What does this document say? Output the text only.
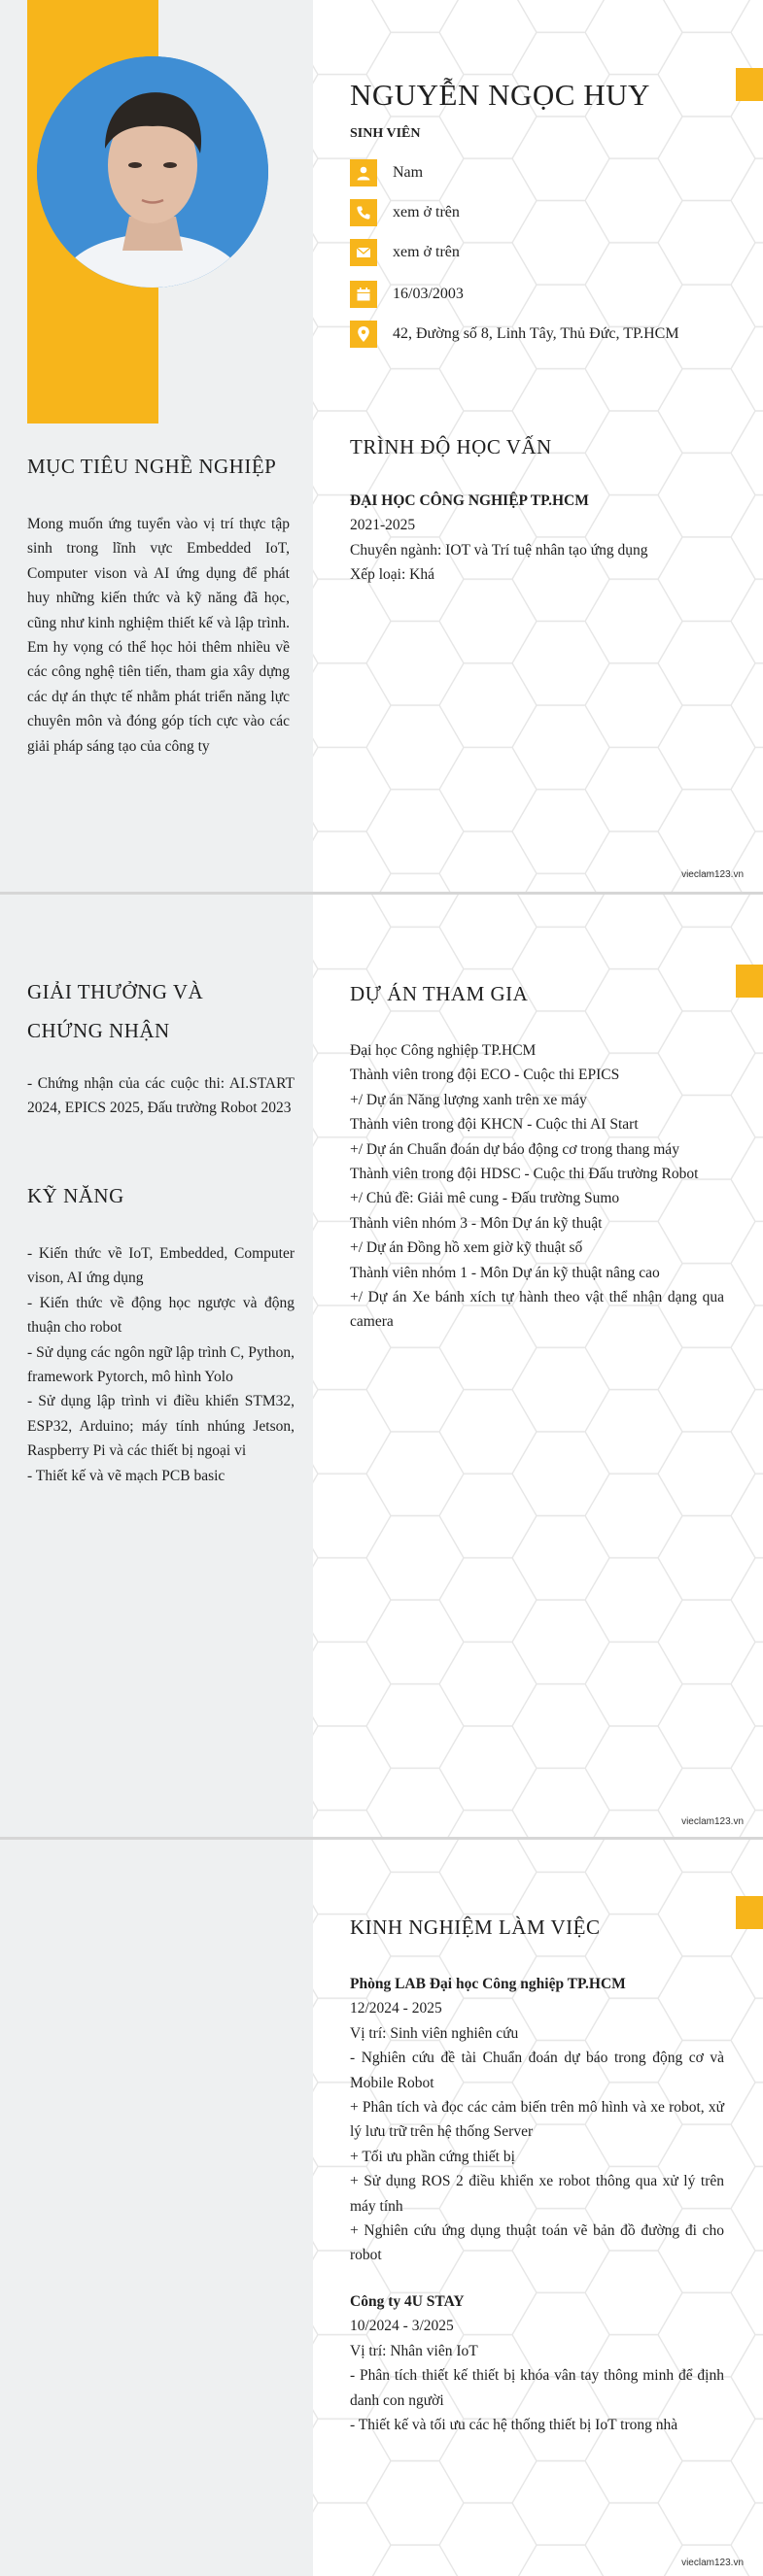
MỤC TIÊU NGHỀ NGHIỆP
Mong muốn ứng tuyển vào vị trí thực tập sinh trong lĩnh vực Embedded IoT, Computer vison và AI ứng dụng để phát huy những kiến thức và kỹ năng đã học, cũng như kinh nghiệm thiết kế và lập trình. Em hy vọng có thể học hỏi thêm nhiều về các công nghệ tiên tiến, tham gia xây dựng các dự án thực tế nhằm phát triển năng lực chuyên môn và đóng góp tích cực vào các giải pháp sáng tạo của công ty
vieclam123.vn
NGUYỄN NGỌC HUY
SINH VIÊN
Nam
xem ở trên
xem ở trên
16/03/2003
42, Đường số 8, Linh Tây, Thủ Đức, TP.HCM
TRÌNH ĐỘ HỌC VẤN
ĐẠI HỌC CÔNG NGHIỆP TP.HCM
2021-2025
Chuyên ngành: IOT và Trí tuệ nhân tạo ứng dụng
Xếp loại: Khá
GIẢI THƯỞNG VÀ
CHỨNG NHẬN
- Chứng nhận của các cuộc thi: AI.START 2024, EPICS 2025, Đấu trường Robot 2023
KỸ NĂNG
- Kiến thức về IoT, Embedded, Computer vison, AI ứng dụng
- Kiến thức về động học ngược và động thuận cho robot
- Sử dụng các ngôn ngữ lập trình C, Python, framework Pytorch, mô hình Yolo
- Sử dụng lập trình vi điều khiển STM32, ESP32, Arduino; máy tính nhúng Jetson, Raspberry Pi và các thiết bị ngoại vi
- Thiết kế và vẽ mạch PCB basic
vieclam123.vn
DỰ ÁN THAM GIA
Đại học Công nghiệp TP.HCM
Thành viên trong đội ECO - Cuộc thi EPICS
+/ Dự án Năng lượng xanh trên xe máy
Thành viên trong đội KHCN - Cuộc thi AI Start
+/ Dự án Chuẩn đoán dự báo động cơ trong thang máy
Thành viên trong đội HDSC - Cuộc thi Đấu trường Robot
+/ Chủ đề: Giải mê cung - Đấu trường Sumo
Thành viên nhóm 3 - Môn Dự án kỹ thuật
+/ Dự án Đồng hồ xem giờ kỹ thuật số
Thành viên nhóm 1 - Môn Dự án kỹ thuật nâng cao
+/ Dự án Xe bánh xích tự hành theo vật thể nhận dạng qua camera
vieclam123.vn
KINH NGHIỆM LÀM VIỆC
Phòng LAB Đại học Công nghiệp TP.HCM
12/2024 - 2025
Vị trí: Sinh viên nghiên cứu
- Nghiên cứu đề tài Chuẩn đoán dự báo trong động cơ và Mobile Robot
+ Phân tích và đọc các cảm biến trên mô hình và xe robot, xử lý lưu trữ trên hệ thống Server
+ Tối ưu phần cứng thiết bị
+ Sử dụng ROS 2 điều khiển xe robot thông qua xử lý trên máy tính
+ Nghiên cứu ứng dụng thuật toán vẽ bản đồ đường đi cho robot
Công ty 4U STAY
10/2024 - 3/2025
Vị trí: Nhân viên IoT
- Phân tích thiết kế thiết bị khóa vân tay thông minh để định danh con người
- Thiết kế và tối ưu các hệ thống thiết bị IoT trong nhà
